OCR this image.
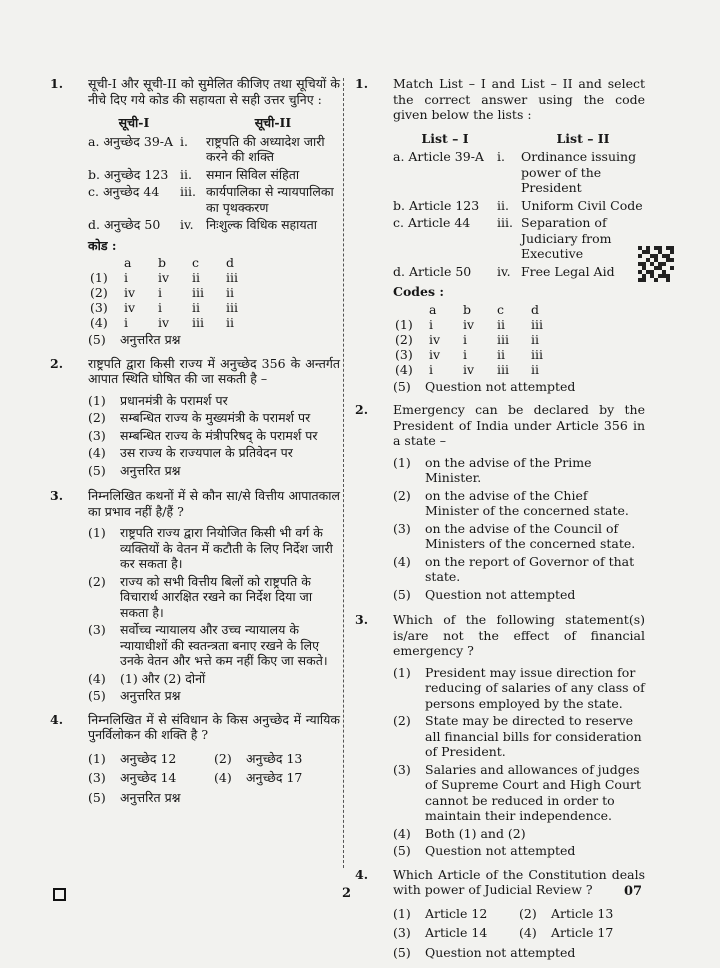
1. सूची-I और सूची-II को सुमेलित कीजिए तथा सूचियों के नीचे दिए गये कोड की सहायता से सही उत्तर चुनिए :

सूची-I		सूची-II
a. अनुच्छेद 39-A	i.	राष्ट्रपति की अध्यादेश जारी करने की शक्ति
b. अनुच्छेद 123	ii.	समान सिविल संहिता
c. अनुच्छेद 44	iii.	कार्यपालिका से न्यायपालिका का पृथक्करण
d. अनुच्छेद 50	iv.	निःशुल्क विधिक सहायता
कोड :
	a	b	c	d
(1)	i	iv	ii	iii
(2)	iv	i	iii	ii
(3)	iv	i	ii	iii
(4)	i	iv	iii	ii
(5)	अनुत्तरित प्रश्न
2. राष्ट्रपति द्वारा किसी राज्य में अनुच्छेद 356 के अन्तर्गत आपात स्थिति घोषित की जा सकती है –

(1)	प्रधानमंत्री के परामर्श पर
(2)	सम्बन्धित राज्य के मुख्यमंत्री के परामर्श पर
(3)	सम्बन्धित राज्य के मंत्रीपरिषद् के परामर्श पर
(4)	उस राज्य के राज्यपाल के प्रतिवेदन पर
(5)	अनुत्तरित प्रश्न
3. निम्नलिखित कथनों में से कौन सा/से वित्तीय आपातकाल का प्रभाव नहीं है/हैं ?

(1)	राष्ट्रपति राज्य द्वारा नियोजित किसी भी वर्ग के व्यक्तियों के वेतन में कटौती के लिए निर्देश जारी कर सकता है।
(2)	राज्य को सभी वित्तीय बिलों को राष्ट्रपति के विचारार्थ आरक्षित रखने का निर्देश दिया जा सकता है।
(3)	सर्वोच्च न्यायालय और उच्च न्यायालय के न्यायाधीशों की स्वतन्त्रता बनाए रखने के लिए उनके वेतन और भत्ते कम नहीं किए जा सकते।
(4)	(1) और (2) दोनों
(5)	अनुत्तरित प्रश्न
4. निम्नलिखित में से संविधान के किस अनुच्छेद में न्यायिक पुनर्विलोकन की शक्ति है ?

(1)	अनुच्छेद 12	(2)	अनुच्छेद 13
(3)	अनुच्छेद 14	(4)	अनुच्छेद 17
(5)	अनुत्तरित प्रश्न
1. Match List – I and List – II and select the correct answer using the code given below the lists :

List – I		List – II
a. Article 39-A	i.	Ordinance issuing power of the President
b. Article 123	ii.	Uniform Civil Code
c. Article 44	iii.	Separation of Judiciary from Executive
d. Article 50	iv.	Free Legal Aid
Codes :
	a	b	c	d
(1)	i	iv	ii	iii
(2)	iv	i	iii	ii
(3)	iv	i	ii	iii
(4)	i	iv	iii	ii
(5)	Question not attempted
2. Emergency can be declared by the President of India under Article 356 in a state –

(1)	on the advise of the Prime Minister.
(2)	on the advise of the Chief Minister of the concerned state.
(3)	on the advise of the Council of Ministers of the concerned state.
(4)	on the report of Governor of that state.
(5)	Question not attempted
3. Which of the following statement(s) is/are not the effect of financial emergency ?

(1)	President may issue direction for reducing of salaries of any class of persons employed by the state.
(2)	State may be directed to reserve all financial bills for consideration of President.
(3)	Salaries and allowances of judges of Supreme Court and High Court cannot be reduced in order to maintain their independence.
(4)	Both (1) and (2)
(5)	Question not attempted
4. Which Article of the Constitution deals with power of Judicial Review ?

(1)	Article 12	(2)	Article 13
(3)	Article 14	(4)	Article 17
(5)	Question not attempted
2	07
